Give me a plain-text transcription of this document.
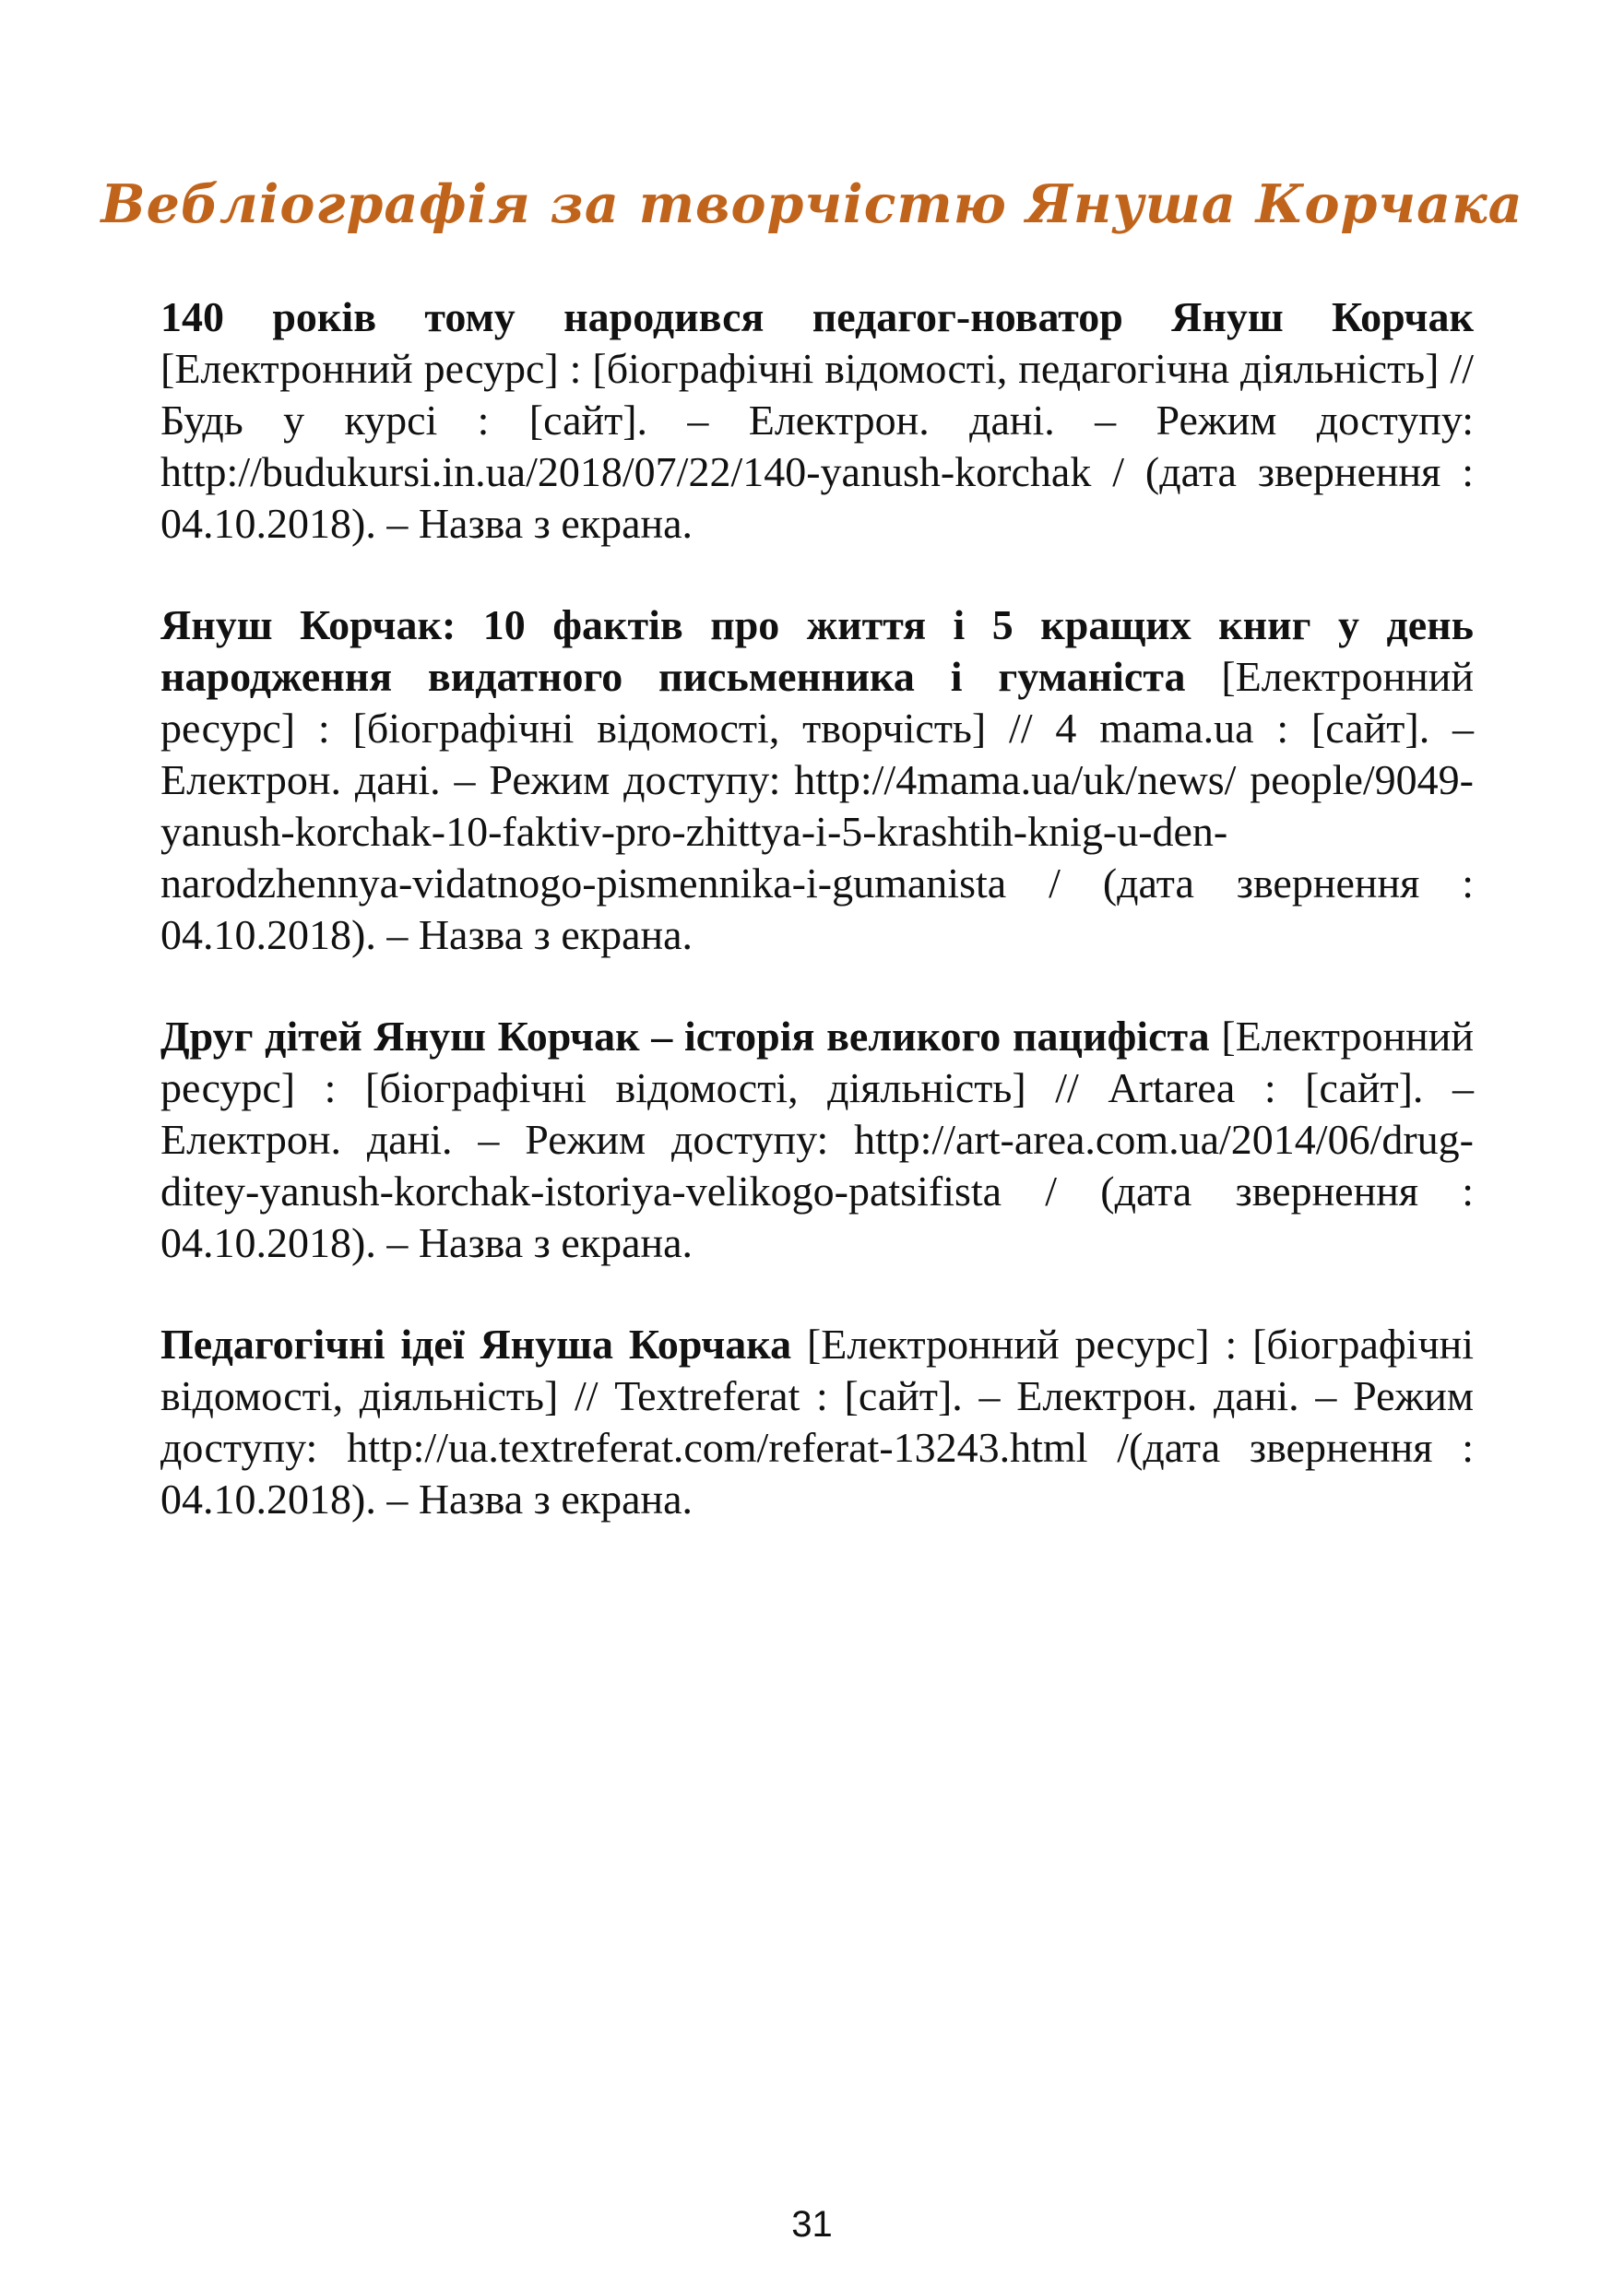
Вебліографія за творчістю Януша Корчака

140 років тому народився педагог-новатор Януш Корчак [Електронний ресурс] : [біографічні відомості, педагогічна діяльність] // Будь у курсі : [сайт]. – Електрон. дані. – Режим доступу: http://budukursi.in.ua/2018/07/22/140-yanush-korchak / (дата звернення : 04.10.2018). – Назва з екрана.

Януш Корчак: 10 фактів про життя і 5 кращих книг у день народження видатного письменника і гуманіста [Електронний ресурс] : [біографічні відомості, творчість] // 4 mama.ua : [сайт]. – Електрон. дані. – Режим доступу: http://4mama.ua/uk/news/ people/9049-yanush-korchak-10-faktiv-pro-zhittya-i-5-krashtih-knig-u-den-narodzhennya-vidatnogo-pismennika-i-gumanista / (дата звернення : 04.10.2018). – Назва з екрана.

Друг дітей Януш Корчак – історія великого пацифіста [Електронний ресурс] : [біографічні відомості, діяльність] // Artarea : [сайт]. – Електрон. дані. – Режим доступу: http://art-area.com.ua/2014/06/drug-ditey-yanush-korchak-istoriya-velikogo-patsifista / (дата звернення : 04.10.2018). – Назва з екрана.

Педагогічні ідеї Януша Корчака [Електронний ресурс] : [біографічні відомості, діяльність] // Textreferat : [сайт]. – Електрон. дані. – Режим доступу: http://ua.textreferat.com/referat-13243.html /(дата звернення : 04.10.2018). – Назва з екрана.

31
